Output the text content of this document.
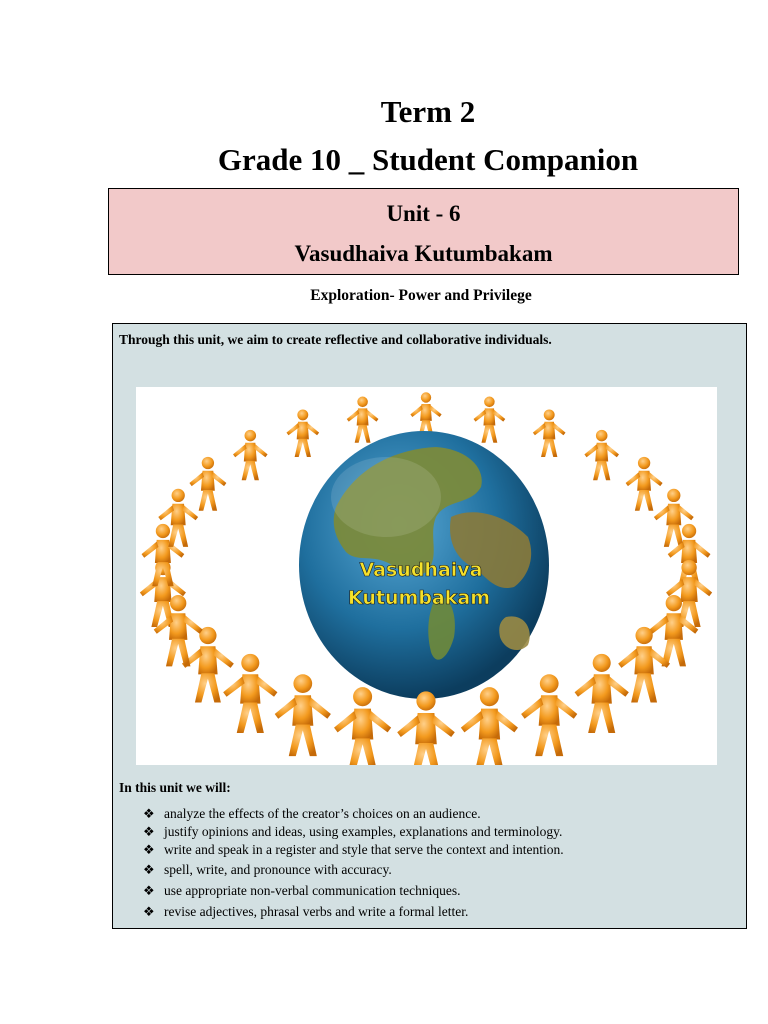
Term 2
Grade 10 _ Student Companion
Unit - 6
Vasudhaiva Kutumbakam
Exploration- Power and Privilege
Through this unit, we aim to create reflective and collaborative individuals.
Vasudhaiva
Kutumbakam
In this unit we will:
❖ analyze the effects of the creator’s choices on an audience.
❖ justify opinions and ideas, using examples, explanations and terminology.
❖ write and speak in a register and style that serve the context and intention.
❖ spell, write, and pronounce with accuracy.
❖ use appropriate non-verbal communication techniques.
❖ revise adjectives, phrasal verbs and write a formal letter.
